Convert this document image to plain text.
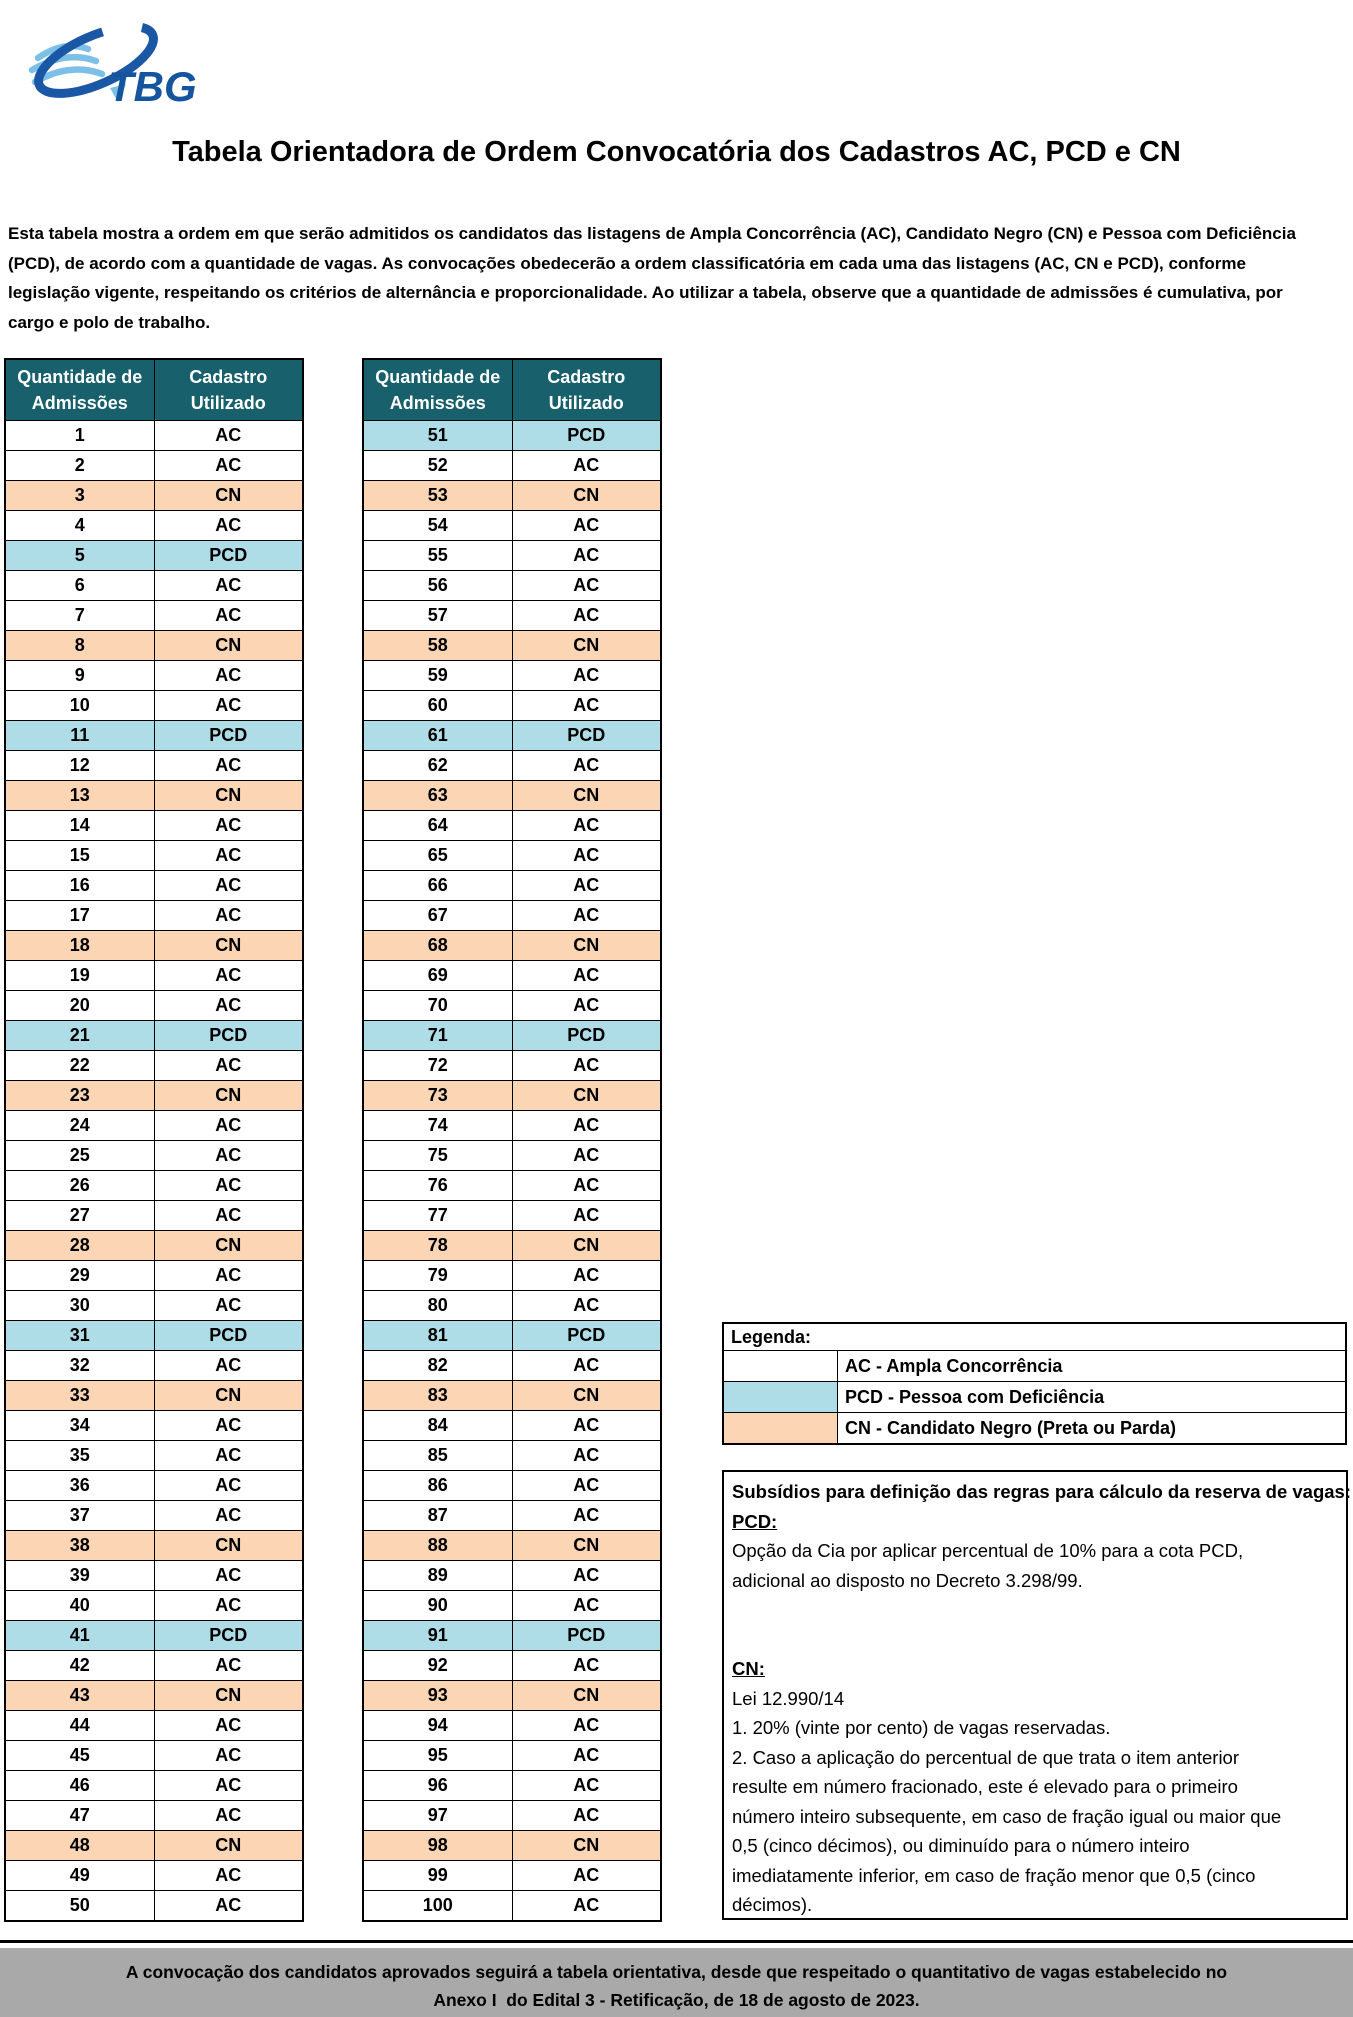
TBG
Tabela Orientadora de Ordem Convocatória dos Cadastros AC, PCD e CN
Esta tabela mostra a ordem em que serão admitidos os candidatos das listagens de Ampla Concorrência (AC), Candidato Negro (CN) e Pessoa com Deficiência
(PCD), de acordo com a quantidade de vagas. As convocações obedecerão a ordem classificatória em cada uma das listagens (AC, CN e PCD), conforme
legislação vigente, respeitando os critérios de alternância e proporcionalidade. Ao utilizar a tabela, observe que a quantidade de admissões é cumulativa, por
cargo e polo de trabalho.
Quantidade de
Admissões

Cadastro
Utilizado

1	AC
2	AC
3	CN
4	AC
5	PCD
6	AC
7	AC
8	CN
9	AC
10	AC
11	PCD
12	AC
13	CN
14	AC
15	AC
16	AC
17	AC
18	CN
19	AC
20	AC
21	PCD
22	AC
23	CN
24	AC
25	AC
26	AC
27	AC
28	CN
29	AC
30	AC
31	PCD
32	AC
33	CN
34	AC
35	AC
36	AC
37	AC
38	CN
39	AC
40	AC
41	PCD
42	AC
43	CN
44	AC
45	AC
46	AC
47	AC
48	CN
49	AC
50	AC
Quantidade de
Admissões

Cadastro
Utilizado

51	PCD
52	AC
53	CN
54	AC
55	AC
56	AC
57	AC
58	CN
59	AC
60	AC
61	PCD
62	AC
63	CN
64	AC
65	AC
66	AC
67	AC
68	CN
69	AC
70	AC
71	PCD
72	AC
73	CN
74	AC
75	AC
76	AC
77	AC
78	CN
79	AC
80	AC
81	PCD
82	AC
83	CN
84	AC
85	AC
86	AC
87	AC
88	CN
89	AC
90	AC
91	PCD
92	AC
93	CN
94	AC
95	AC
96	AC
97	AC
98	CN
99	AC
100	AC
Legenda:	
	AC - Ampla Concorrência
	PCD - Pessoa com Deficiência
	CN - Candidato Negro (Preta ou Parda)
Subsídios para definição das regras para cálculo da reserva de vagas:
PCD:
Opção da Cia por aplicar percentual de 10% para a cota PCD,
adicional ao disposto no Decreto 3.298/99.
CN:
Lei 12.990/14
1. 20% (vinte por cento) de vagas reservadas.
2. Caso a aplicação do percentual de que trata o item anterior
resulte em número fracionado, este é elevado para o primeiro
número inteiro subsequente, em caso de fração igual ou maior que
0,5 (cinco décimos), ou diminuído para o número inteiro
imediatamente inferior, em caso de fração menor que 0,5 (cinco
décimos).
A convocação dos candidatos aprovados seguirá a tabela orientativa, desde que respeitado o quantitativo de vagas estabelecido no
Anexo I  do Edital 3 - Retificação, de 18 de agosto de 2023.
